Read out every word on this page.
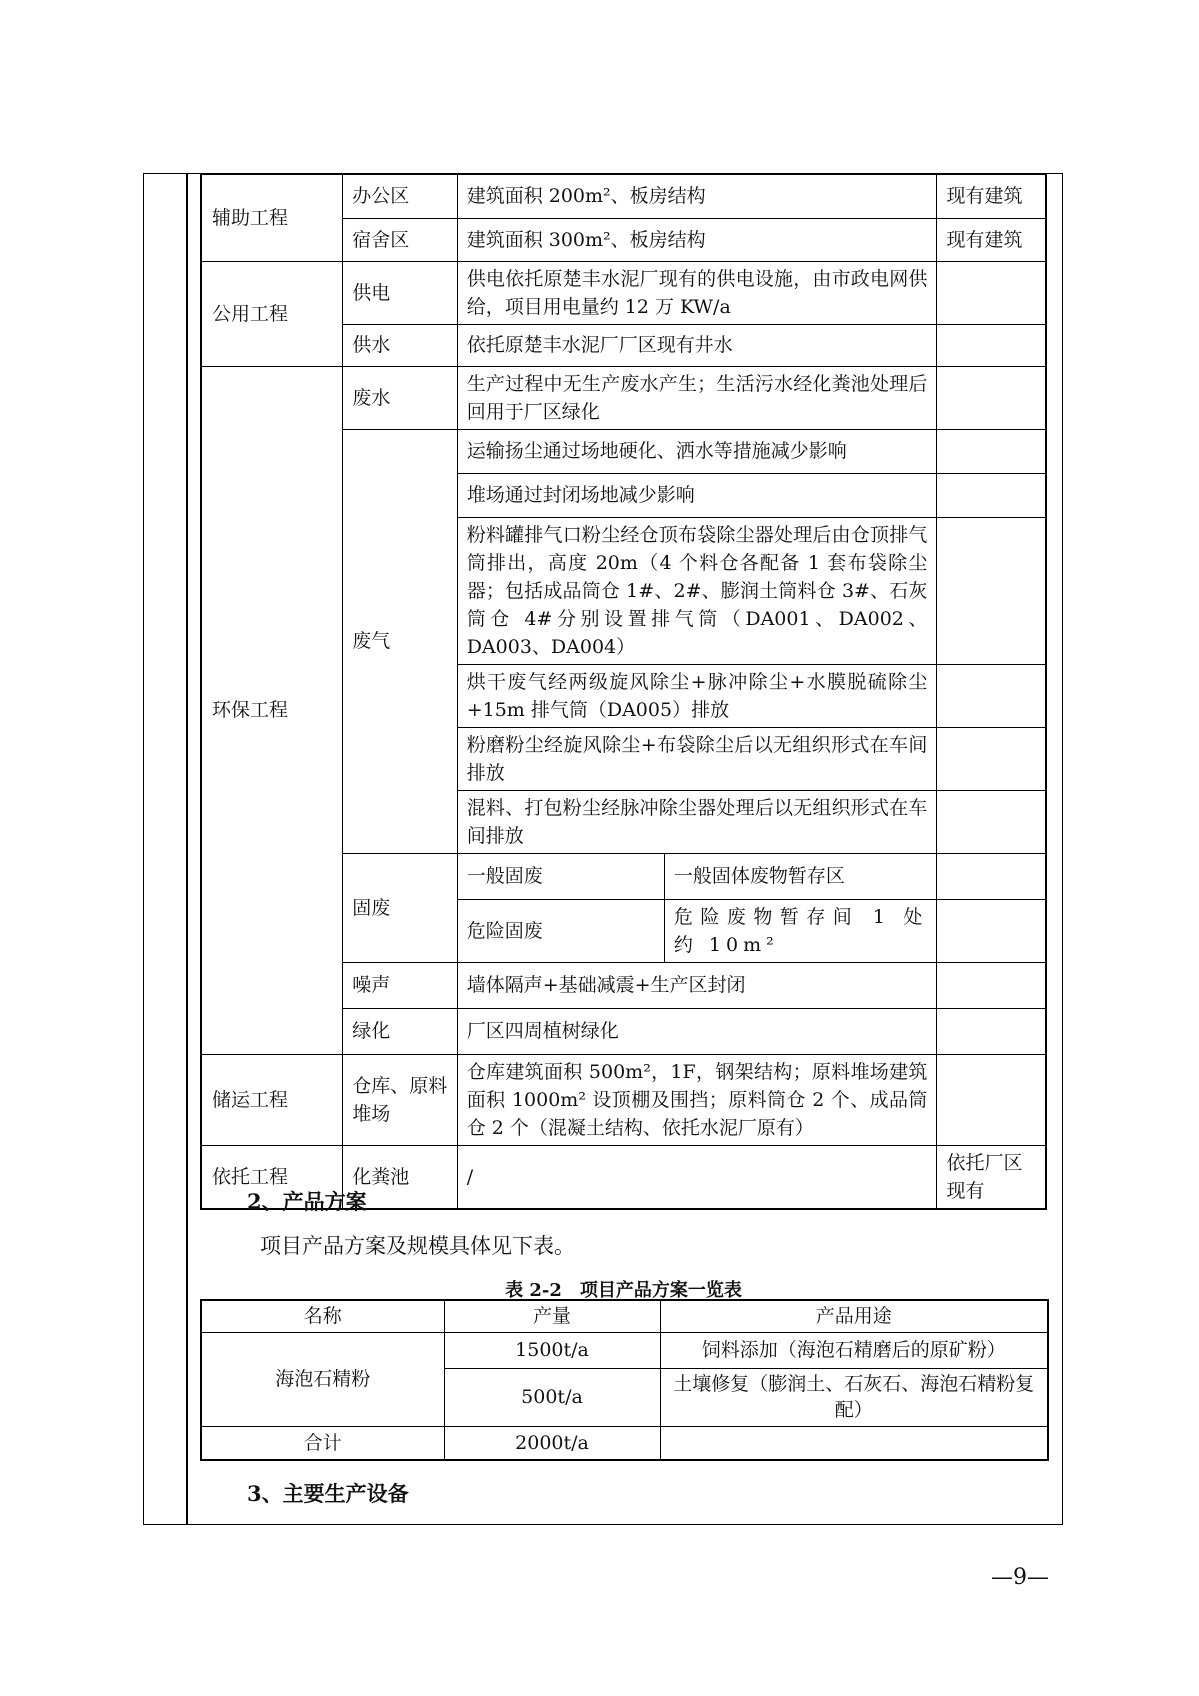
辅助工程	办公区	建筑面积 200m²、板房结构		现有建筑
	宿舍区	建筑面积 300m²、板房结构		现有建筑
公用工程	供电	供电依托原楚丰水泥厂现有的供电设施，由市政电网供给，项目用电量约 12 万 KW/a		
	供水	依托原楚丰水泥厂厂区现有井水		
环保工程	废水	生产过程中无生产废水产生；生活污水经化粪池处理后回用于厂区绿化		
	废气	运输扬尘通过场地硬化、洒水等措施减少影响		
		堆场通过封闭场地减少影响		
		粉料罐排气口粉尘经仓顶布袋除尘器处理后由仓顶排气筒排出，高度 20m（4 个料仓各配备 1 套布袋除尘器；包括成品筒仓 1#、2#、膨润土筒料仓 3#、石灰筒仓 4#分别设置排气筒（DA001、DA002、DA003、DA004）		
		烘干废气经两级旋风除尘+脉冲除尘+水膜脱硫除尘+15m 排气筒（DA005）排放		
		粉磨粉尘经旋风除尘+布袋除尘后以无组织形式在车间排放		
		混料、打包粉尘经脉冲除尘器处理后以无组织形式在车间排放		
	固废	一般固废	一般固体废物暂存区	
		危险固废	危险废物暂存间 1 处约 10m²	
	噪声	墙体隔声+基础减震+生产区封闭		
	绿化	厂区四周植树绿化		
储运工程	仓库、原料堆场	仓库建筑面积 500m²，1F，钢架结构；原料堆场建筑面积 1000m² 设顶棚及围挡；原料筒仓 2 个、成品筒仓 2 个（混凝土结构、依托水泥厂原有）		
依托工程	化粪池	/		依托厂区现有
2、产品方案
项目产品方案及规模具体见下表。
表 2-2　项目产品方案一览表
名称	产量	产品用途
海泡石精粉	1500t/a	饲料添加（海泡石精磨后的原矿粉）
	500t/a	土壤修复（膨润土、石灰石、海泡石精粉复配）
合计	2000t/a	
3、主要生产设备
—9—
